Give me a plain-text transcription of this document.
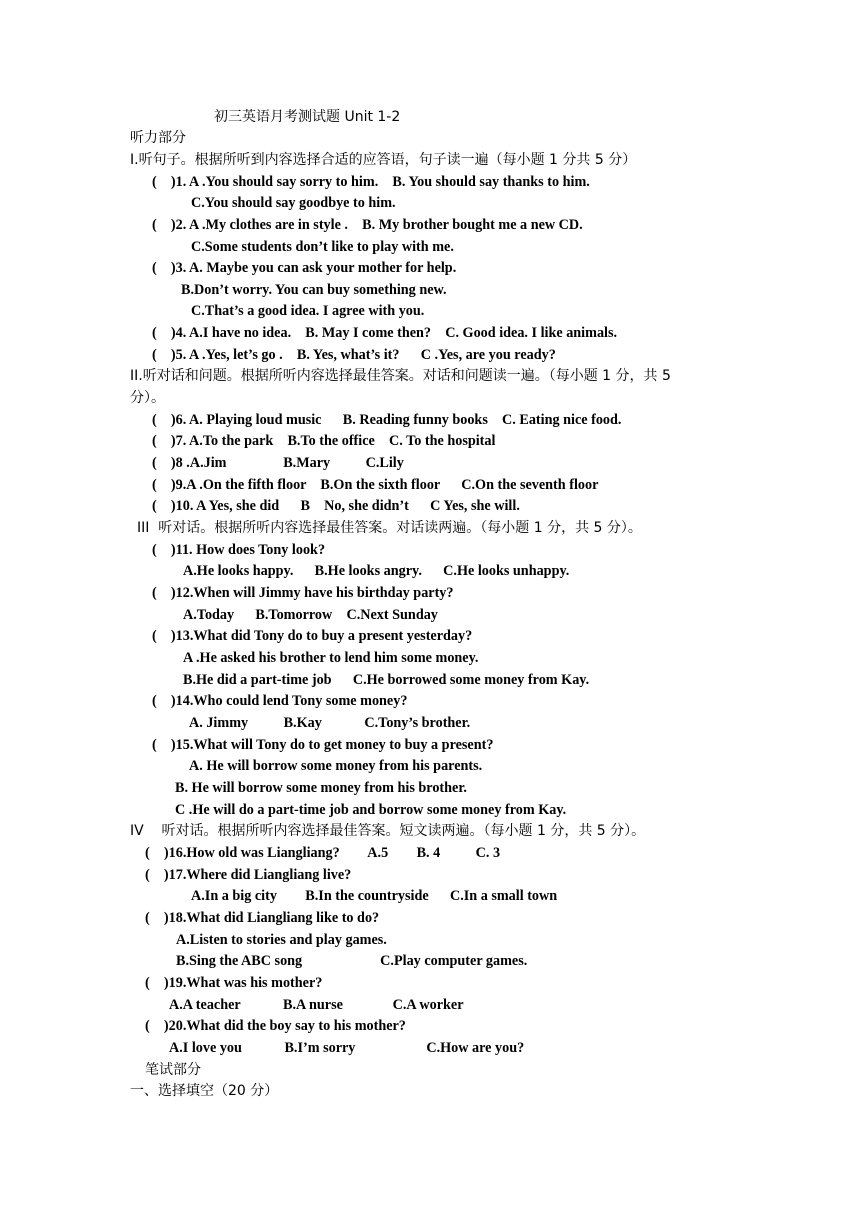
初三英语月考测试题 Unit 1-2
听力部分
I.听句子。根据所听到内容选择合适的应答语，句子读一遍（每小题 1 分共 5 分）
(    )1. A .You should say sorry to him.    B. You should say thanks to him.
C.You should say goodbye to him.
(    )2. A .My clothes are in style .    B. My brother bought me a new CD.
C.Some students don’t like to play with me.
(    )3. A. Maybe you can ask your mother for help.
B.Don’t worry. You can buy something new.
C.That’s a good idea. I agree with you.
(    )4. A.I have no idea.    B. May I come then?    C. Good idea. I like animals.
(    )5. A .Yes, let’s go .    B. Yes, what’s it?      C .Yes, are you ready?
II.听对话和问题。根据所听内容选择最佳答案。对话和问题读一遍。（每小题 1 分，共 5
分）。
(    )6. A. Playing loud music      B. Reading funny books    C. Eating nice food.
(    )7. A.To the park    B.To the office    C. To the hospital
(    )8 .A.Jim                B.Mary          C.Lily
(    )9.A .On the fifth floor    B.On the sixth floor      C.On the seventh floor
(    )10. A Yes, she did      B    No, she didn’t      C Yes, she will.
III  听对话。根据所听内容选择最佳答案。对话读两遍。（每小题 1 分，共 5 分）。
(    )11. How does Tony look?
A.He looks happy.      B.He looks angry.      C.He looks unhappy.
(    )12.When will Jimmy have his birthday party?
A.Today      B.Tomorrow    C.Next Sunday
(    )13.What did Tony do to buy a present yesterday?
A .He asked his brother to lend him some money.
B.He did a part-time job      C.He borrowed some money from Kay.
(    )14.Who could lend Tony some money?
A. Jimmy          B.Kay            C.Tony’s brother.
(    )15.What will Tony do to get money to buy a present?
A. He will borrow some money from his parents.
B. He will borrow some money from his brother.
C .He will do a part-time job and borrow some money from Kay.
IV    听对话。根据所听内容选择最佳答案。短文读两遍。（每小题 1 分，共 5 分）。
(    )16.How old was Liangliang?        A.5        B. 4          C. 3
(    )17.Where did Liangliang live?
A.In a big city        B.In the countryside      C.In a small town
(    )18.What did Liangliang like to do?
A.Listen to stories and play games.
B.Sing the ABC song                      C.Play computer games.
(    )19.What was his mother?
A.A teacher            B.A nurse              C.A worker
(    )20.What did the boy say to his mother?
A.I love you            B.I’m sorry                    C.How are you?
笔试部分
一、选择填空（20 分）
